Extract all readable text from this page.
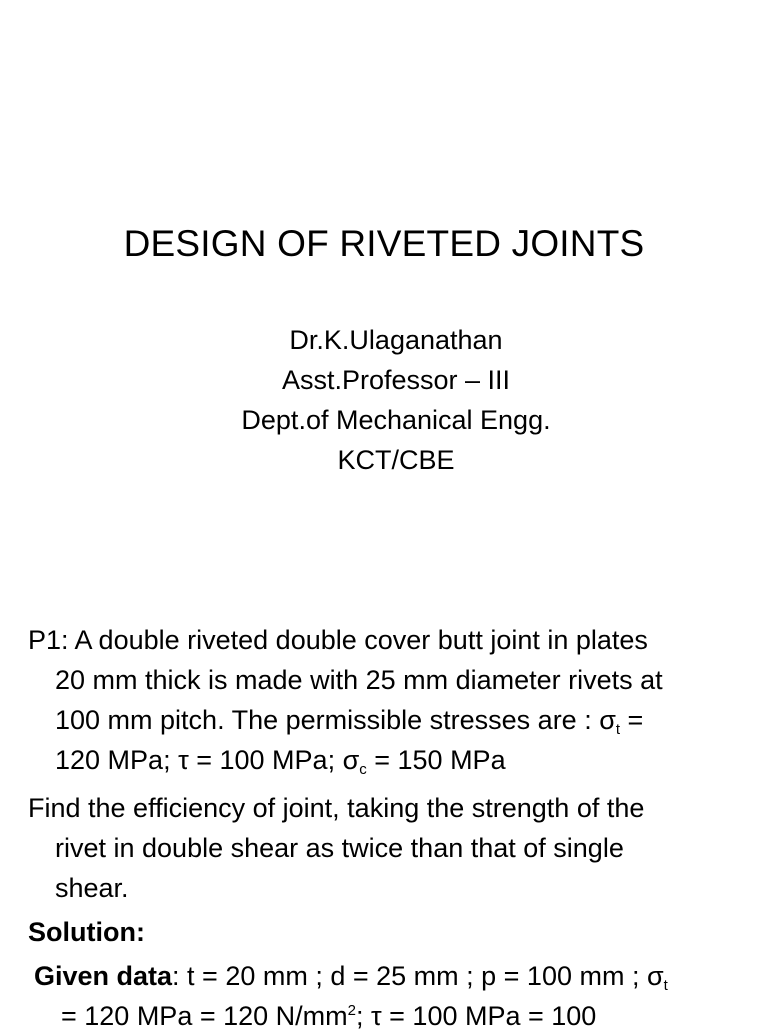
DESIGN OF RIVETED JOINTS
Dr.K.Ulaganathan
Asst.Professor – III
Dept.of Mechanical Engg.
KCT/CBE
P1: A double riveted double cover butt joint in plates
20 mm thick is made with 25 mm diameter rivets at
100 mm pitch. The permissible stresses are : $\sigma_t$ =
120 MPa; τ = 100 MPa; $\sigma_c = 150$ MPa
Find the efficiency of joint, taking the strength of the
rivet in double shear as twice than that of single
shear.
Solution:
Given data: t = 20 mm ; d = 25 mm ; p = 100 mm ; $\sigma_t$
= 120 MPa = 120 $N/mm^2$; τ = 100 MPa = 100
